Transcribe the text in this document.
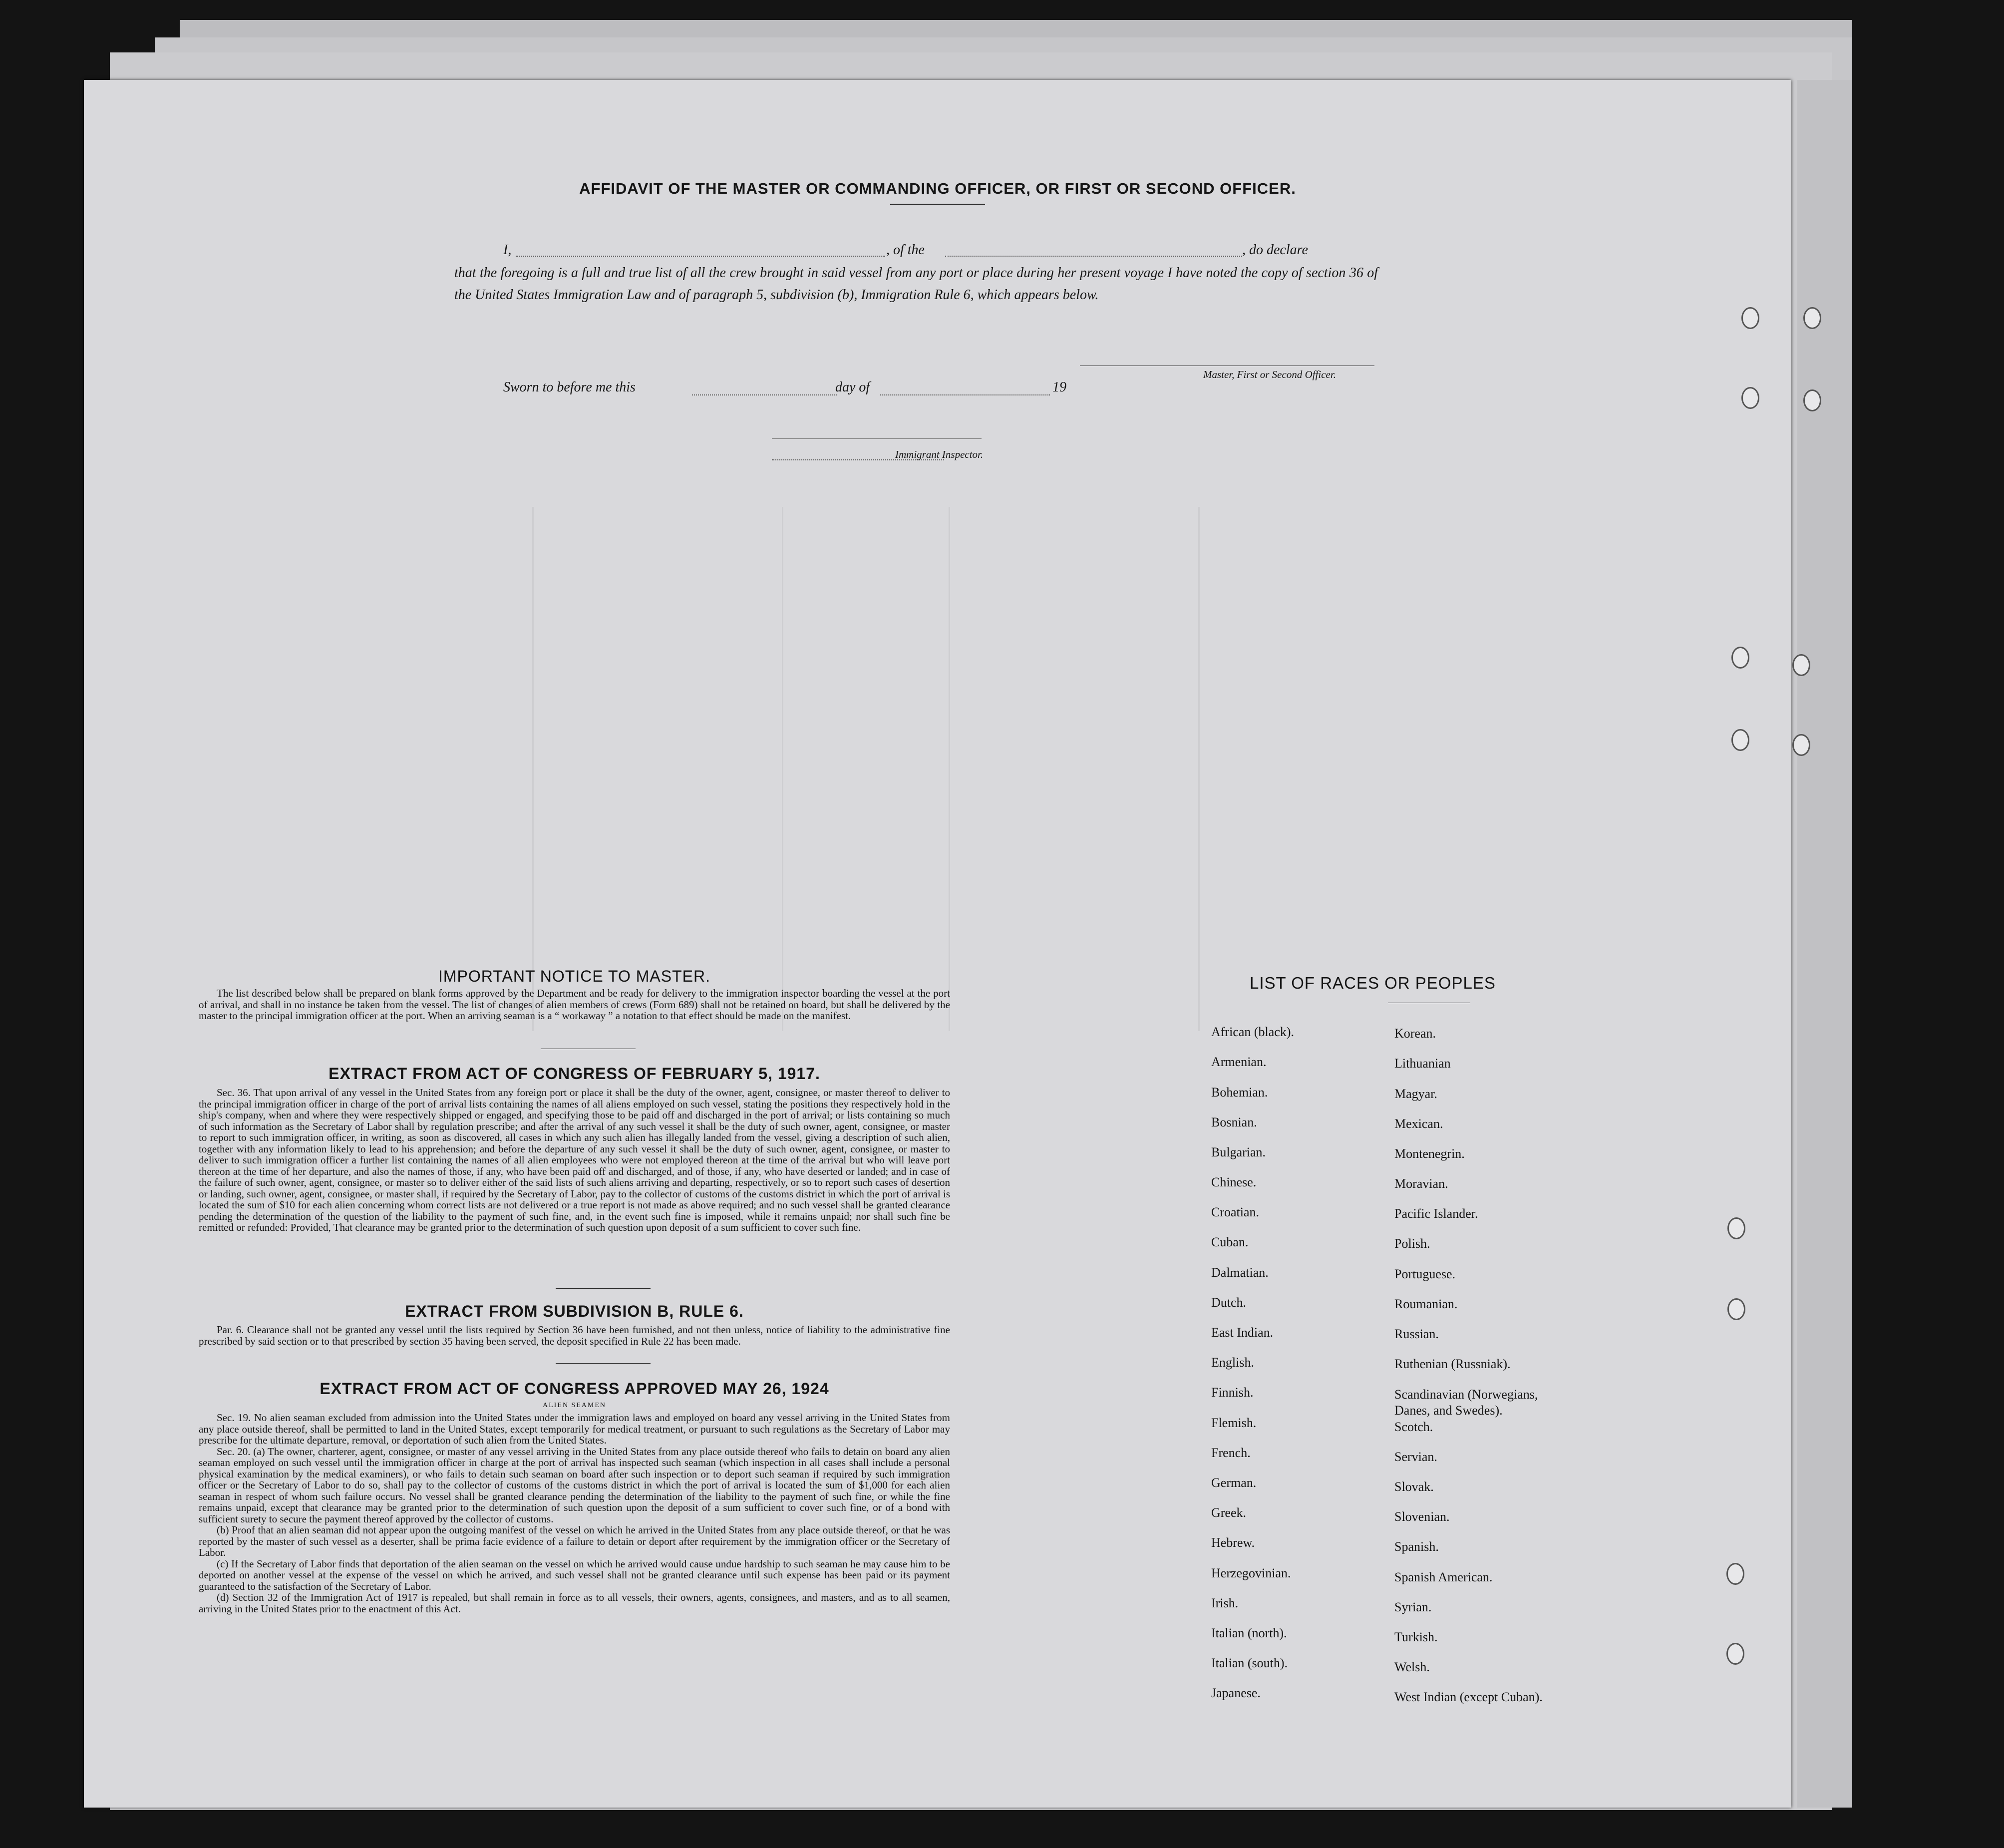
AFFIDAVIT OF THE MASTER OR COMMANDING OFFICER, OR FIRST OR SECOND OFFICER.
I,	, of the	, do declare
that the foregoing is a full and true list of all the crew brought in said vessel from any port or place during her present voyage I have noted the copy of section 36 of the United States Immigration Law and of paragraph 5, subdivision (b), Immigration Rule 6, which appears below.
Master, First or Second Officer.
Sworn to before me this	day of	19
Immigrant Inspector.
IMPORTANT NOTICE TO MASTER.

The list described below shall be prepared on blank forms approved by the Department and be ready for delivery to the immigration inspector boarding the vessel at the port of arrival, and shall in no instance be taken from the vessel. The list of changes of alien members of crews (Form 689) shall not be retained on board, but shall be delivered by the master to the principal immigration officer at the port. When an arriving seaman is a “ workaway ” a notation to that effect should be made on the manifest.

EXTRACT FROM ACT OF CONGRESS OF FEBRUARY 5, 1917.

Sec. 36. That upon arrival of any vessel in the United States from any foreign port or place it shall be the duty of the owner, agent, consignee, or master thereof to deliver to the principal immigration officer in charge of the port of arrival lists containing the names of all aliens employed on such vessel, stating the positions they respectively hold in the ship's company, when and where they were respectively shipped or engaged, and specifying those to be paid off and discharged in the port of arrival; or lists containing so much of such information as the Secretary of Labor shall by regulation prescribe; and after the arrival of any such vessel it shall be the duty of such owner, agent, consignee, or master to report to such immigration officer, in writing, as soon as discovered, all cases in which any such alien has illegally landed from the vessel, giving a description of such alien, together with any information likely to lead to his apprehension; and before the departure of any such vessel it shall be the duty of such owner, agent, consignee, or master to deliver to such immigration officer a further list containing the names of all alien employees who were not employed thereon at the time of the arrival but who will leave port thereon at the time of her departure, and also the names of those, if any, who have been paid off and discharged, and of those, if any, who have deserted or landed; and in case of the failure of such owner, agent, consignee, or master so to deliver either of the said lists of such aliens arriving and departing, respectively, or so to report such cases of desertion or landing, such owner, agent, consignee, or master shall, if required by the Secretary of Labor, pay to the collector of customs of the customs district in which the port of arrival is located the sum of $10 for each alien concerning whom correct lists are not delivered or a true report is not made as above required; and no such vessel shall be granted clearance pending the determination of the question of the liability to the payment of such fine, and, in the event such fine is imposed, while it remains unpaid; nor shall such fine be remitted or refunded: Provided, That clearance may be granted prior to the determination of such question upon deposit of a sum sufficient to cover such fine.

EXTRACT FROM SUBDIVISION B, RULE 6.

Par. 6. Clearance shall not be granted any vessel until the lists required by Section 36 have been furnished, and not then unless, notice of liability to the administrative fine prescribed by said section or to that prescribed by section 35 having been served, the deposit specified in Rule 22 has been made.

EXTRACT FROM ACT OF CONGRESS APPROVED MAY 26, 1924
ALIEN SEAMEN

Sec. 19. No alien seaman excluded from admission into the United States under the immigration laws and employed on board any vessel arriving in the United States from any place outside thereof, shall be permitted to land in the United States, except temporarily for medical treatment, or pursuant to such regulations as the Secretary of Labor may prescribe for the ultimate departure, removal, or deportation of such alien from the United States.

Sec. 20. (a) The owner, charterer, agent, consignee, or master of any vessel arriving in the United States from any place outside thereof who fails to detain on board any alien seaman employed on such vessel until the immigration officer in charge at the port of arrival has inspected such seaman (which inspection in all cases shall include a personal physical examination by the medical examiners), or who fails to detain such seaman on board after such inspection or to deport such seaman if required by such immigration officer or the Secretary of Labor to do so, shall pay to the collector of customs of the customs district in which the port of arrival is located the sum of $1,000 for each alien seaman in respect of whom such failure occurs. No vessel shall be granted clearance pending the determination of the liability to the payment of such fine, or while the fine remains unpaid, except that clearance may be granted prior to the determination of such question upon the deposit of a sum sufficient to cover such fine, or of a bond with sufficient surety to secure the payment thereof approved by the collector of customs.

(b) Proof that an alien seaman did not appear upon the outgoing manifest of the vessel on which he arrived in the United States from any place outside thereof, or that he was reported by the master of such vessel as a deserter, shall be prima facie evidence of a failure to detain or deport after requirement by the immigration officer or the Secretary of Labor.

(c) If the Secretary of Labor finds that deportation of the alien seaman on the vessel on which he arrived would cause undue hardship to such seaman he may cause him to be deported on another vessel at the expense of the vessel on which he arrived, and such vessel shall not be granted clearance until such expense has been paid or its payment guaranteed to the satisfaction of the Secretary of Labor.

(d) Section 32 of the Immigration Act of 1917 is repealed, but shall remain in force as to all vessels, their owners, agents, consignees, and masters, and as to all seamen, arriving in the United States prior to the enactment of this Act.

LIST OF RACES OR PEOPLES
African (black).
Armenian.
Bohemian.
Bosnian.
Bulgarian.
Chinese.
Croatian.
Cuban.
Dalmatian.
Dutch.
East Indian.
English.
Finnish.
Flemish.
French.
German.
Greek.
Hebrew.
Herzegovinian.
Irish.
Italian (north).
Italian (south).
Japanese.
Korean.
Lithuanian
Magyar.
Mexican.
Montenegrin.
Moravian.
Pacific Islander.
Polish.
Portuguese.
Roumanian.
Russian.
Ruthenian (Russniak).
Scandinavian (Norwegians,
Danes, and Swedes).
Scotch.
Servian.
Slovak.
Slovenian.
Spanish.
Spanish American.
Syrian.
Turkish.
Welsh.
West Indian (except Cuban).
